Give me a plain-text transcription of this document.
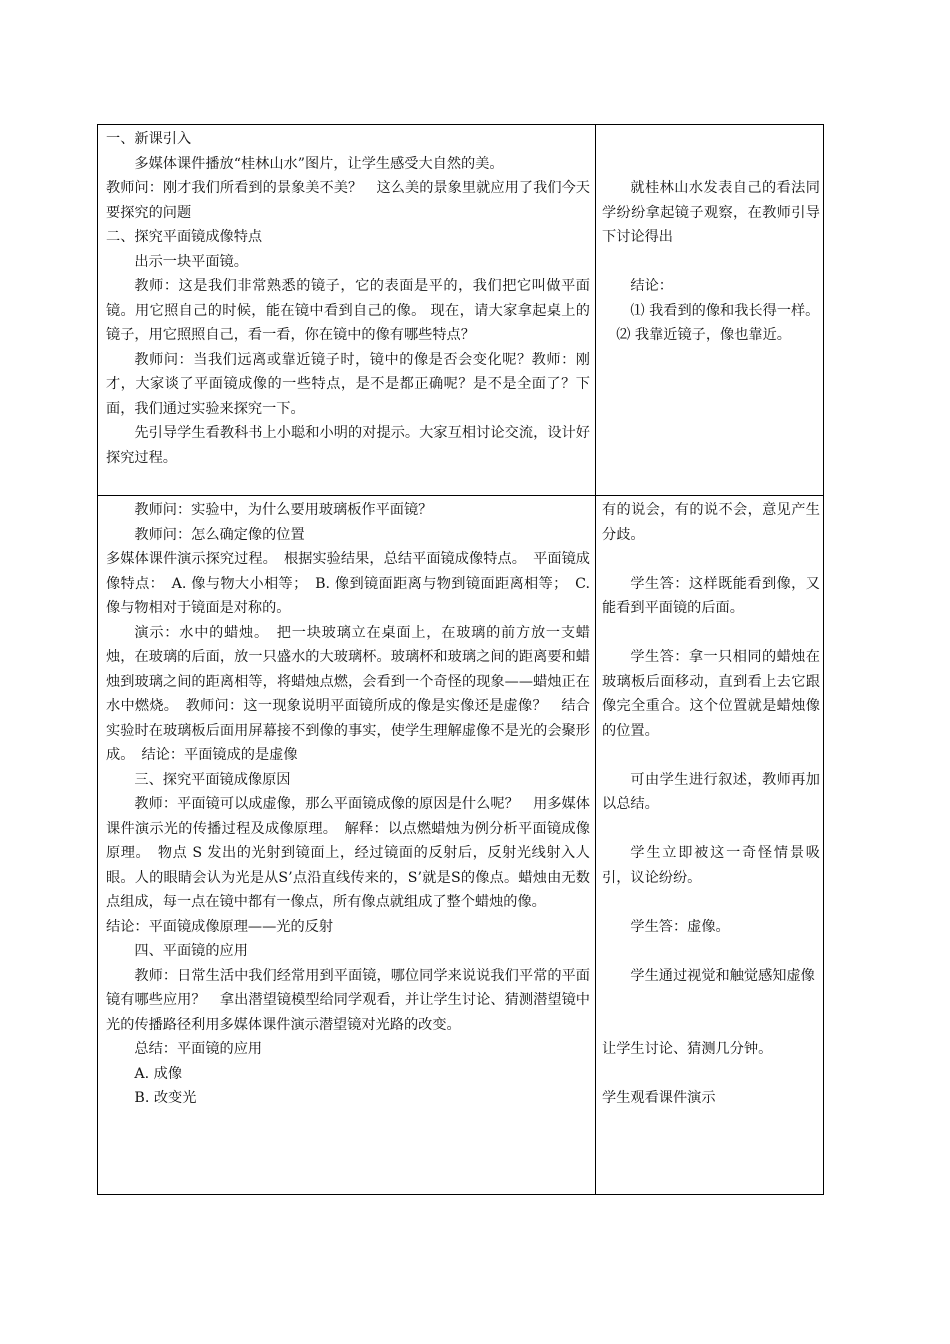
一、新课引入

多媒体课件播放“桂林山水”图片，让学生感受大自然的美。

教师问：刚才我们所看到的景象美不美？　这么美的景象里就应用了我们今天要探究的问题

二、探究平面镜成像特点

出示一块平面镜。

教师：这是我们非常熟悉的镜子，它的表面是平的，我们把它叫做平面镜。用它照自己的时候，能在镜中看到自己的像。 现在，请大家拿起桌上的镜子，用它照照自己，看一看，你在镜中的像有哪些特点？

教师问：当我们远离或靠近镜子时，镜中的像是否会变化呢？教师：刚才，大家谈了平面镜成像的一些特点，是不是都正确呢？是不是全面了？下面，我们通过实验来探究一下。

先引导学生看教科书上小聪和小明的对提示。大家互相讨论交流，设计好探究过程。

就桂林山水发表自己的看法同学纷纷拿起镜子观察，在教师引导下讨论得出

结论：

⑴ 我看到的像和我长得一样。

⑵ 我靠近镜子，像也靠近。

教师问：实验中，为什么要用玻璃板作平面镜？

教师问：怎么确定像的位置

多媒体课件演示探究过程。　根据实验结果，总结平面镜成像特点。　平面镜成像特点：　A. 像与物大小相等；　B. 像到镜面距离与物到镜面距离相等；　C. 像与物相对于镜面是对称的。

演示：水中的蜡烛。　把一块玻璃立在桌面上，在玻璃的前方放一支蜡烛，在玻璃的后面，放一只盛水的大玻璃杯。玻璃杯和玻璃之间的距离要和蜡烛到玻璃之间的距离相等，将蜡烛点燃，会看到一个奇怪的现象——蜡烛正在水中燃烧。　教师问：这一现象说明平面镜所成的像是实像还是虚像？　结合实验时在玻璃板后面用屏幕接不到像的事实，使学生理解虚像不是光的会聚形成。　结论：平面镜成的是虚像

三、探究平面镜成像原因

教师：平面镜可以成虚像，那么平面镜成像的原因是什么呢？　用多媒体课件演示光的传播过程及成像原理。　解释：以点燃蜡烛为例分析平面镜成像原理。　物点 S 发出的光射到镜面上，经过镜面的反射后，反射光线射入人眼。人的眼睛会认为光是从S’点沿直线传来的，S’就是S的像点。蜡烛由无数点组成，每一点在镜中都有一像点，所有像点就组成了整个蜡烛的像。

结论：平面镜成像原理——光的反射

四、平面镜的应用

教师：日常生活中我们经常用到平面镜，哪位同学来说说我们平常的平面镜有哪些应用？　拿出潜望镜模型给同学观看，并让学生讨论、猜测潜望镜中光的传播路径利用多媒体课件演示潜望镜对光路的改变。

总结：平面镜的应用

A. 成像

B. 改变光

有的说会，有的说不会，意见产生分歧。

学生答：这样既能看到像，又能看到平面镜的后面。

学生答：拿一只相同的蜡烛在玻璃板后面移动，直到看上去它跟像完全重合。这个位置就是蜡烛像的位置。

可由学生进行叙述，教师再加以总结。

学生立即被这一奇怪情景吸引，议论纷纷。

学生答：虚像。

学生通过视觉和触觉感知虚像

让学生讨论、猜测几分钟。

学生观看课件演示
